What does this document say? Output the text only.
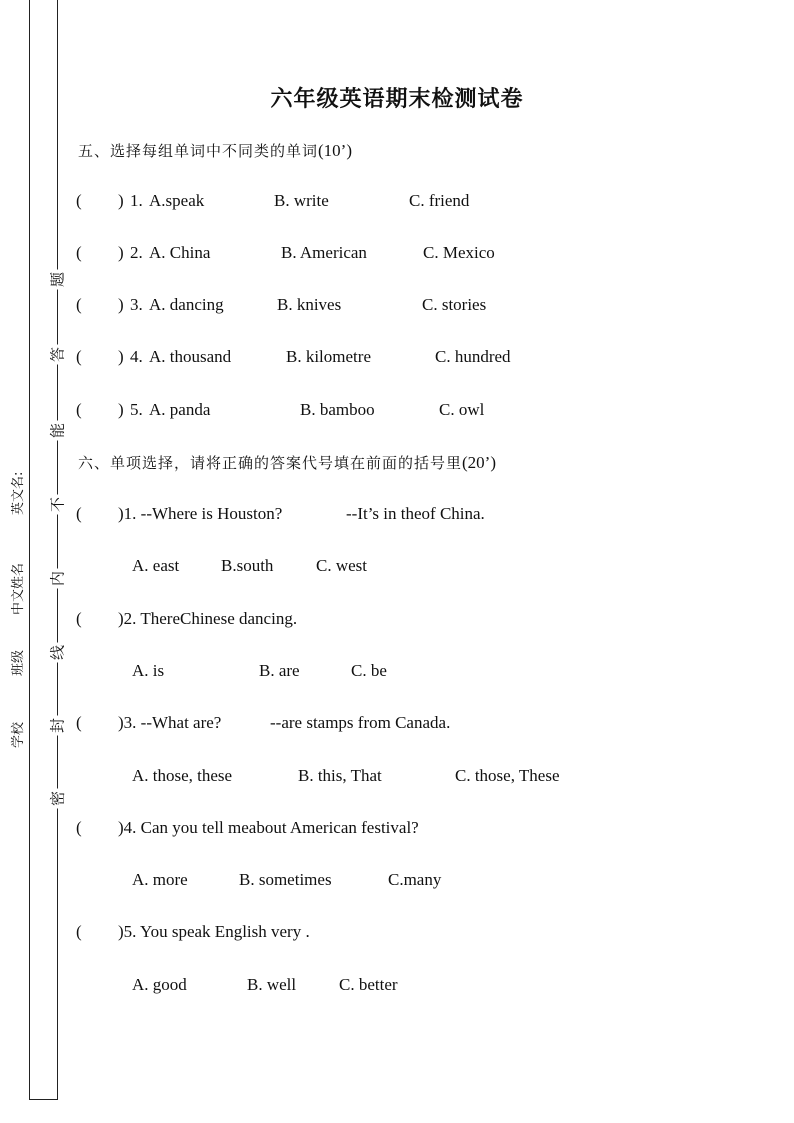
密
封
线
内
不
能
答
题
学校
班级
中文姓名
英文名:
六年级英语期末检测试卷
五、选择每组单词中不同类的单词(10’)
( ) 1. A.speak	B. write	C. friend
( ) 2. A. China	B. American	C. Mexico
( ) 3. A. dancing	B. knives	C. stories
( ) 4. A. thousand	B. kilometre	C. hundred
( ) 5. A. panda	B. bamboo	C. owl
六、单项选择，请将正确的答案代号填在前面的括号里(20’)
( )1. --Where is Houston?	--It’s in theof China.
A. east B.south	C. west
( )2. ThereChinese dancing.
A. is	B. are	C. be
( )3. --What are?	--are stamps from Canada.
A. those, these	B. this, That	C. those, These
( )4. Can you tell meabout American festival?
A. more	B. sometimes	C.many
( )5. You speak English very .
A. good	B. well	C. better
